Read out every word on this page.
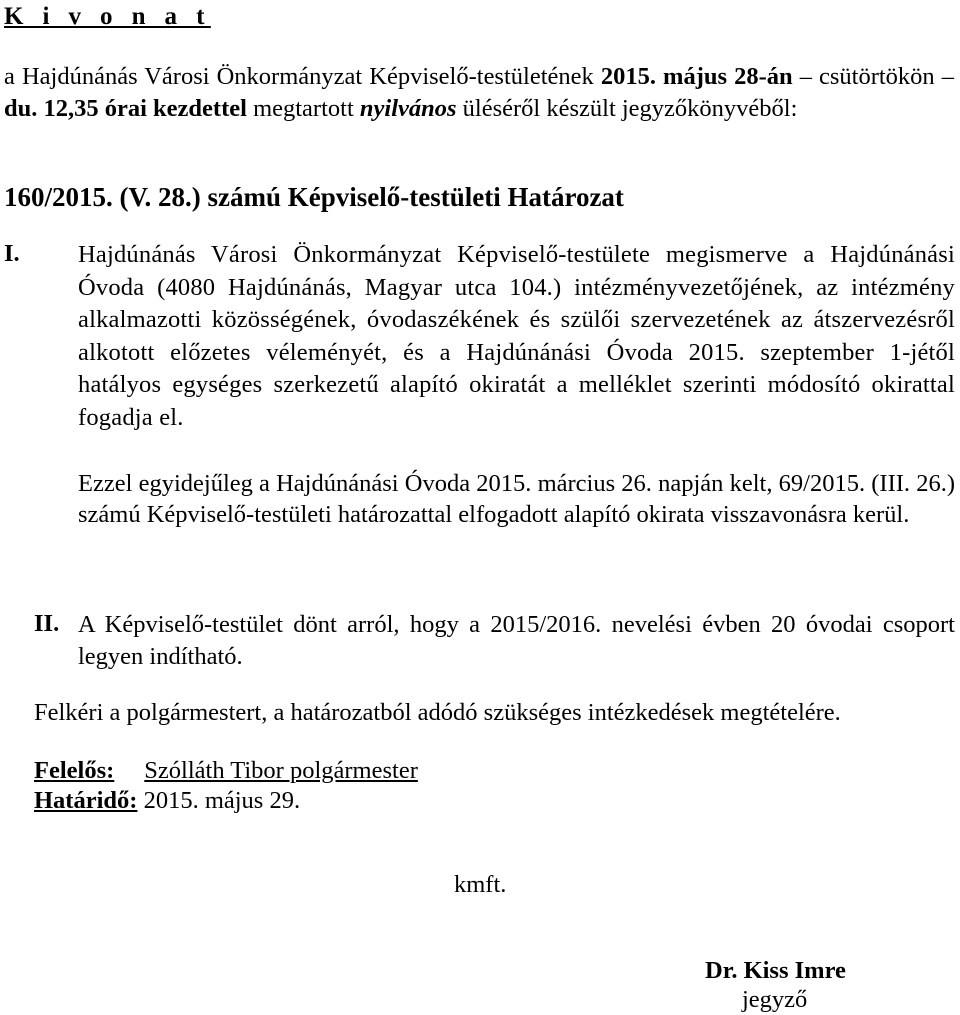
K i v o n a t

a Hajdúnánás Városi Önkormányzat Képviselő-testületének 2015. május 28-án – csütörtökön – du. 12,35 órai kezdettel megtartott nyilvános üléséről készült jegyzőkönyvéből:

160/2015. (V. 28.) számú Képviselő-testületi Határozat
I. Hajdúnánás Városi Önkormányzat Képviselő-testülete megismerve a Hajdúnánási Óvoda (4080 Hajdúnánás, Magyar utca 104.) intézményvezetőjének, az intézmény alkalmazotti közösségének, óvodaszékének és szülői szervezetének az átszervezésről alkotott előzetes véleményét, és a Hajdúnánási Óvoda 2015. szeptember 1-jétől hatályos egységes szerkezetű alapító okiratát a melléklet szerinti módosító okirattal fogadja el.

Ezzel egyidejűleg a Hajdúnánási Óvoda 2015. március 26. napján kelt, 69/2015. (III. 26.) számú Képviselő-testületi határozattal elfogadott alapító okirata visszavonásra kerül.

II. A Képviselő-testület dönt arról, hogy a 2015/2016. nevelési évben 20 óvodai csoport legyen indítható.

Felkéri a polgármestert, a határozatból adódó szükséges intézkedések megtételére.

Felelős: Szólláth Tibor polgármester

Határidő: 2015. május 29.

kmft.

Dr. Kiss Imre

jegyző
